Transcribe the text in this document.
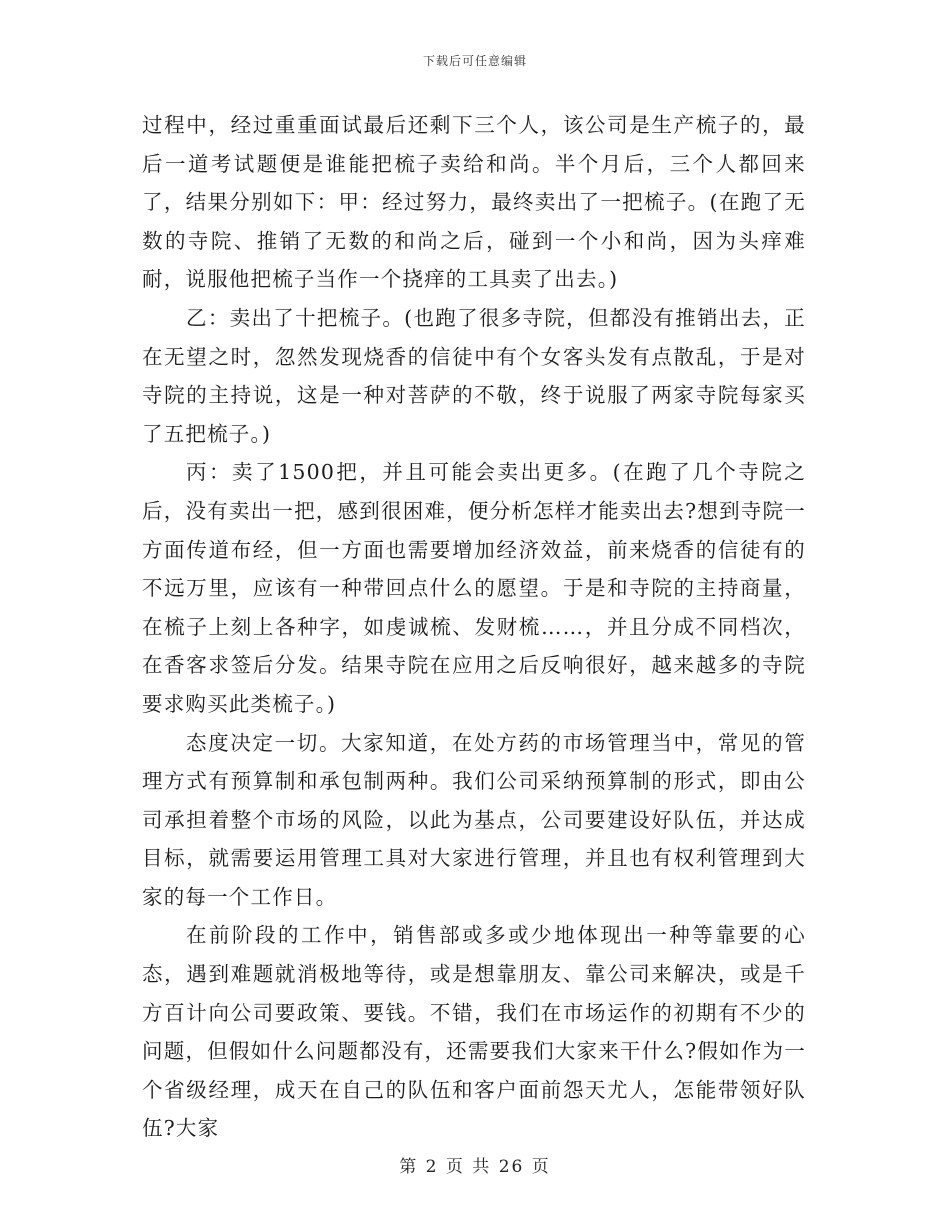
下载后可任意编辑

过程中，经过重重面试最后还剩下三个人，该公司是生产梳子的，最后一道考试题便是谁能把梳子卖给和尚。半个月后，三个人都回来了，结果分别如下：甲：经过努力，最终卖出了一把梳子。(在跑了无数的寺院、推销了无数的和尚之后，碰到一个小和尚，因为头痒难耐，说服他把梳子当作一个挠痒的工具卖了出去。)

乙：卖出了十把梳子。(也跑了很多寺院，但都没有推销出去，正在无望之时，忽然发现烧香的信徒中有个女客头发有点散乱，于是对寺院的主持说，这是一种对菩萨的不敬，终于说服了两家寺院每家买了五把梳子。)

丙：卖了1500把，并且可能会卖出更多。(在跑了几个寺院之后，没有卖出一把，感到很困难，便分析怎样才能卖出去?想到寺院一方面传道布经，但一方面也需要增加经济效益，前来烧香的信徒有的不远万里，应该有一种带回点什么的愿望。于是和寺院的主持商量，在梳子上刻上各种字，如虔诚梳、发财梳……，并且分成不同档次，在香客求签后分发。结果寺院在应用之后反响很好，越来越多的寺院要求购买此类梳子。)

态度决定一切。大家知道，在处方药的市场管理当中，常见的管理方式有预算制和承包制两种。我们公司采纳预算制的形式，即由公司承担着整个市场的风险，以此为基点，公司要建设好队伍，并达成目标，就需要运用管理工具对大家进行管理，并且也有权利管理到大家的每一个工作日。

在前阶段的工作中，销售部或多或少地体现出一种等靠要的心态，遇到难题就消极地等待，或是想靠朋友、靠公司来解决，或是千方百计向公司要政策、要钱。不错，我们在市场运作的初期有不少的问题，但假如什么问题都没有，还需要我们大家来干什么?假如作为一个省级经理，成天在自己的队伍和客户面前怨天尤人，怎能带领好队伍?大家

第 2 页 共 26 页
